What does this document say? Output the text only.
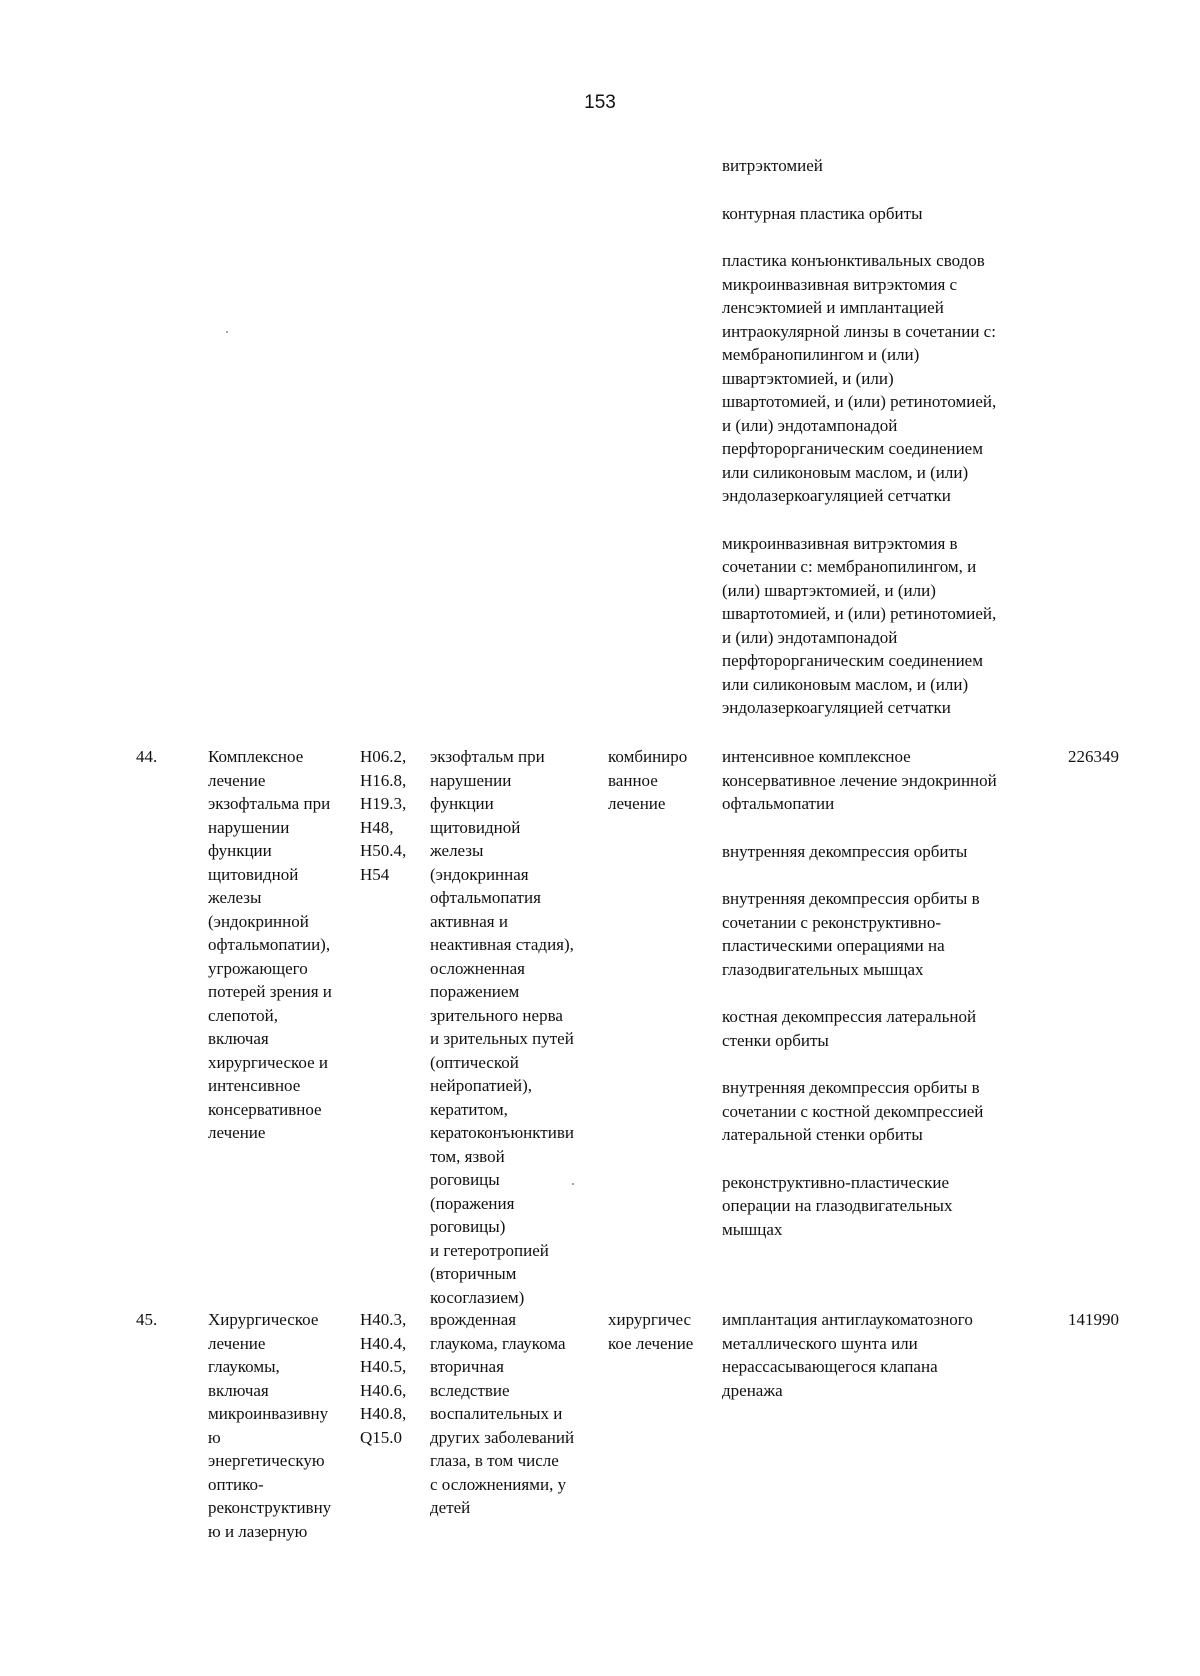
153
витрэктомией
контурная пластика орбиты
пластика конъюнктивальных сводов
микроинвазивная витрэктомия с
ленсэктомией и имплантацией
интраокулярной линзы в сочетании с:
мембранопилингом и (или)
швартэктомией, и (или)
швартотомией, и (или) ретинотомией,
и (или) эндотампонадой
перфторорганическим соединением
или силиконовым маслом, и (или)
эндолазеркоагуляцией сетчатки
микроинвазивная витрэктомия в
сочетании с: мембранопилингом, и
(или) швартэктомией, и (или)
швартотомией, и (или) ретинотомией,
и (или) эндотампонадой
перфторорганическим соединением
или силиконовым маслом, и (или)
эндолазеркоагуляцией сетчатки
44.	Комплексное
лечение
экзофтальма при
нарушении
функции
щитовидной
железы
(эндокринной
офтальмопатии),
угрожающего
потерей зрения и
слепотой,
включая
хирургическое и
интенсивное
консервативное
лечение
H06.2,
H16.8,
H19.3,
H48,
H50.4,
H54
экзофтальм при
нарушении
функции
щитовидной
железы
(эндокринная
офтальмопатия
активная и
неактивная стадия),
осложненная
поражением
зрительного нерва
и зрительных путей
(оптической
нейропатией),
кератитом,
кератоконъюнктиви
том, язвой
роговицы
(поражения
роговицы)
и гетеротропией
(вторичным
косоглазием)
комбиниро
ванное
лечение
интенсивное комплексное
консервативное лечение эндокринной
офтальмопатии
внутренняя декомпрессия орбиты
внутренняя декомпрессия орбиты в
сочетании с реконструктивно-
пластическими операциями на
глазодвигательных мышцах
костная декомпрессия латеральной
стенки орбиты
внутренняя декомпрессия орбиты в
сочетании с костной декомпрессией
латеральной стенки орбиты
реконструктивно-пластические
операции на глазодвигательных
мышцах
226349
45.	Хирургическое
лечение
глаукомы,
включая
микроинвазивну
ю
энергетическую
оптико-
реконструктивну
ю и лазерную
H40.3,
H40.4,
H40.5,
H40.6,
H40.8,
Q15.0
врожденная
глаукома, глаукома
вторичная
вследствие
воспалительных и
других заболеваний
глаза, в том числе
с осложнениями, у
детей
хирургичес
кое лечение
имплантация антиглаукоматозного
металлического шунта или
нерассасывающегося клапана
дренажа
141990
